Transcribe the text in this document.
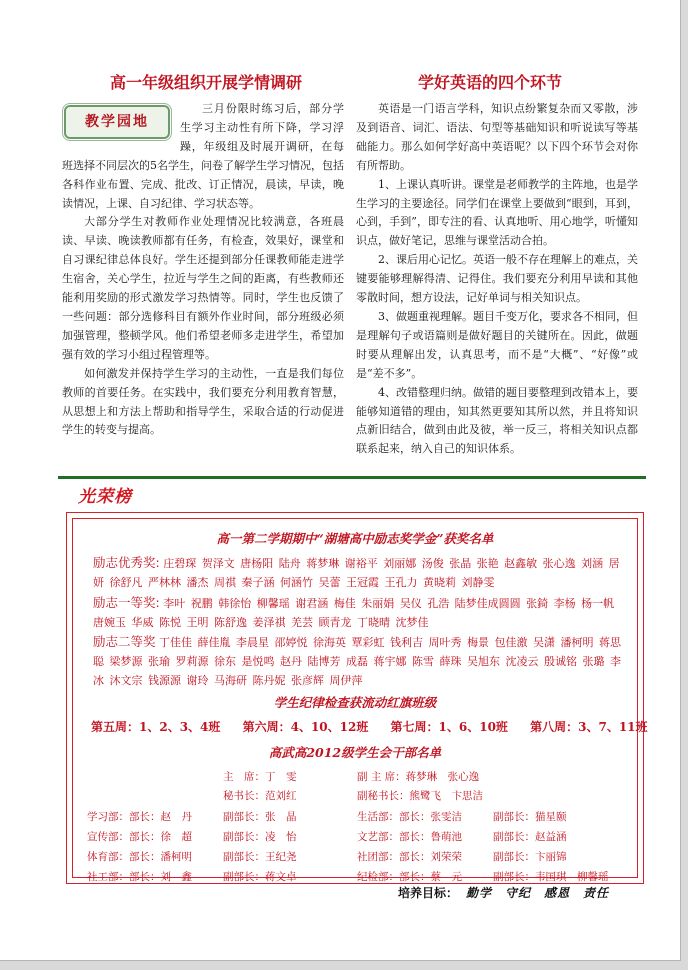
高一年级组织开展学情调研
教学园地

三月份限时练习后，部分学生学习主动性有所下降，学习浮躁，年级组及时展开调研，在每班选择不同层次的5名学生，问卷了解学生学习情况，包括各科作业布置、完成、批改、订正情况，晨读，早读，晚读情况，上课、自习纪律、学习状态等。

大部分学生对教师作业处理情况比较满意，各班晨读、早读、晚读教师都有任务，有检查，效果好，课堂和自习课纪律总体良好。学生还提到部分任课教师能走进学生宿舍，关心学生，拉近与学生之间的距离，有些教师还能利用奖励的形式激发学习热情等。同时，学生也反馈了一些问题：部分选修科目有额外作业时间，部分班级必须加强管理，整顿学风。他们希望老师多走进学生，希望加强有效的学习小组过程管理等。

如何激发并保持学生学习的主动性，一直是我们每位教师的首要任务。在实践中，我们要充分利用教育智慧，从思想上和方法上帮助和指导学生，采取合适的行动促进学生的转变与提高。

学好英语的四个环节

英语是一门语言学科，知识点纷繁复杂而又零散，涉及到语音、词汇、语法、句型等基础知识和听说读写等基础能力。那么如何学好高中英语呢？以下四个环节会对你有所帮助。

1、上课认真听讲。课堂是老师教学的主阵地，也是学生学习的主要途径。同学们在课堂上要做到“眼到，耳到，心到，手到”，即专注的看、认真地听、用心地学，听懂知识点，做好笔记，思维与课堂活动合拍。

2、课后用心记忆。英语一般不存在理解上的难点，关键要能够理解得清、记得住。我们要充分利用早读和其他零散时间，想方设法，记好单词与相关知识点。

3、做题重视理解。题目千变万化，要求各不相同，但是理解句子或语篇则是做好题目的关键所在。因此，做题时要从理解出发，认真思考，而不是“大概”、“好像”或是“差不多”。

4、改错整理归纳。做错的题目要整理到改错本上，要能够知道错的理由，知其然更要知其所以然，并且将知识点新旧结合，做到由此及彼，举一反三，将相关知识点都联系起来，纳入自己的知识体系。

光荣榜
高一第二学期期中“湖塘高中励志奖学金”获奖名单
励志优秀奖: 庄碧琛 贺泽文 唐杨阳 陆舟 蒋梦琳 谢裕平 刘丽娜 汤俊 张晶 张艳 赵鑫敏 张心逸 刘涵 居妍 徐舒凡 严林林 潘杰 周祺 秦子涵 何涵竹 吴蕾 王冠霞 王孔力 黄晓莉 刘静雯
励志一等奖: 李叶 祝鹏 韩徐怡 柳馨瑶 谢君涵 梅佳 朱丽娟 吴仪 孔浩 陆梦佳成圆圆 张錡 李杨 杨一帆 唐婉玉 华威 陈悦 王明 陈舒逸 姜泽祺 羌芸 顾青龙 丁晓晴 沈梦佳
励志二等奖 丁佳佳 薛佳胤 李晨星 邵婷悦 徐海英 覃彩虹 钱利吉 周叶秀 梅景 包佳激 吴潇 潘柯明 蒋思聪 梁梦源 张瑜 罗莉源 徐东 是悦鸣 赵丹 陆博芳 成磊 蒋宇娜 陈雪 薛珠 吴旭东 沈凌云 殷诚铭 张璐 李冰 沐文宗 钱源源 谢玲 马海研 陈丹妮 张彦辉 周伊萍
学生纪律检查获流动红旗班级
第五周：1、2、3、4班 第六周：4、10、12班 第七周：1、6、10班 第八周：3、7、11班
高武高2012级学生会干部名单
主　席：丁　雯	副 主 席：蒋梦琳　张心逸
秘书长：范刘红	副秘书长：熊鹭飞　卞思洁
学习部：部长：赵　丹	副部长：张　晶	生活部：部长：张雯洁	副部长：猫星颐
宣传部：部长：徐　超	副部长：凌　怡	文艺部：部长：鲁萌池	副部长：赵益涵
体育部：部长：潘柯明	副部长：王纪尧	社团部：部长：刘荣荣	副部长：卞丽锦
社工部：部长：刘　鑫	副部长：蒋文卓	纪检部：部长：蔡　元	副部长：韦国琪　柳馨瑶
培养目标： 勤学　守纪　感恩　责任
